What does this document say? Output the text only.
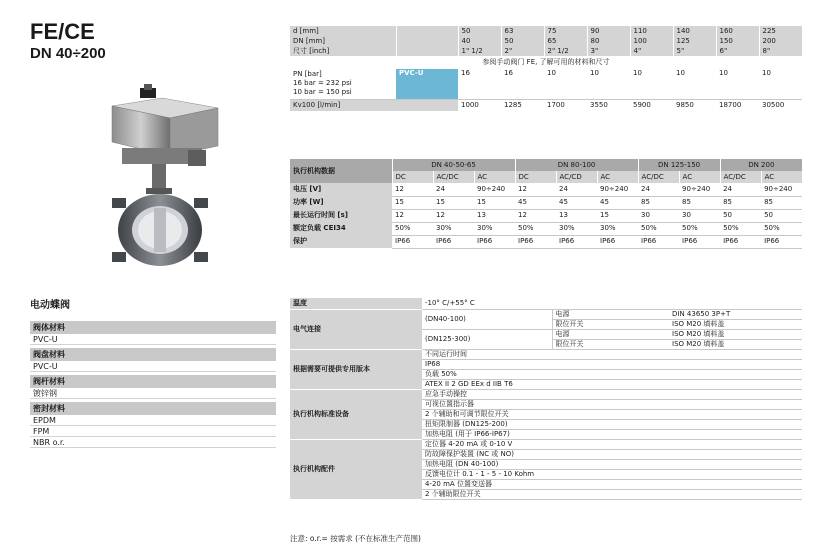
FE/CE
DN 40÷200
电动蝶阀
阀体材料
PVC-U
阀盘材料
PVC-U
阀杆材料
镀锌钢
密封材料
EPDM
FPM
NBR o.r.
d [mm]		50	63	75	90	110	140	160	225
DN [mm]		40	50	65	80	100	125	150	200
尺寸 [inch]		1" 1/2	2"	2" 1/2	3"	4"	5"	6"	8"
参阅手动阀门 FE, 了解可用的材料和尺寸									

PN [bar]
16 bar = 232 psi
10 bar = 150 psi	PVC-U	16	16	10	10	10	10	10	10
Kv100 [l/min]		1000	1285	1700	3550	5900	9850	18700	30500
执行机构数据	DN 40-50-65			DN 80-100			DN 125-150		DN 200	
	DC	AC/DC	AC	DC	AC/CD	AC	AC/DC	AC	AC/DC	AC
电压 [V]	12	24	90÷240	12	24	90÷240	24	90÷240	24	90÷240
功率 [W]	15	15	15	45	45	45	85	85	85	85
最长运行时间 [s]	12	12	13	12	13	15	30	30	50	50
额定负载 CEI34	50%	30%	30%	50%	30%	30%	50%	50%	50%	50%
保护	IP66	IP66	IP66	IP66	IP66	IP66	IP66	IP66	IP66	IP66
温度	-10° C/+55° C		
电气连接	(DN40-100)	电源	DIN 43650 3P+T
		限位开关	ISO M20 填料盖
	(DN125-300)	电源	ISO M20 填料盖
		限位开关	ISO M20 填料盖
根据需要可提供专用版本	不同运行时间		
	IP68		
	负载 50%		
	ATEX II 2 GD EEx d IIB T6		
执行机构标准设备	应急手动操控		
	可视位置指示器		
	2 个辅助和可调节限位开关		
	扭矩限制器 (DN125-200)		
	加热电阻 (用于 IP66-IP67)		
执行机构配件	定位器 4-20 mA 或 0-10 V		
	防故障保护装置 (NC 或 NO)		
	加热电阻 (DN 40-100)		
	反馈电位计 0.1 - 1 - 5 - 10 Kohm		
	4-20 mA 位置变送器		
	2 个辅助限位开关		
注意: o.r.= 按需求 (不在标准生产范围)
